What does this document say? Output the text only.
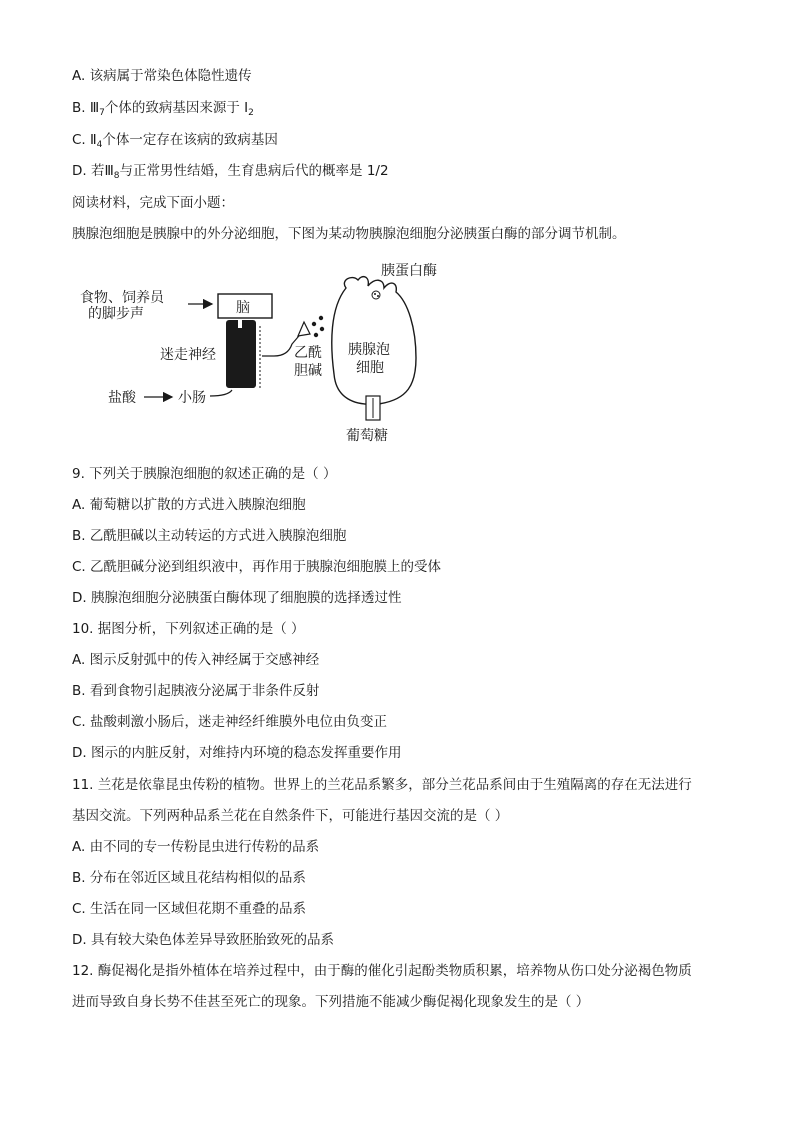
A. 该病属于常染色体隐性遗传
B. $Ⅲ_7$个体的致病基因来源于 $I_2$
C. $Ⅱ_4$个体一定存在该病的致病基因
D. 若$Ⅲ_8$与正常男性结婚，生育患病后代的概率是 1/2
阅读材料，完成下面小题：
胰腺泡细胞是胰腺中的外分泌细胞，下图为某动物胰腺泡细胞分泌胰蛋白酶的部分调节机制。
食物、饲养员
的脚步声	脑
迷走神经
盐酸	小肠
乙酰
胆碱
胰蛋白酶
胰腺泡
细胞
葡萄糖
9. 下列关于胰腺泡细胞的叙述正确的是（ ）
A. 葡萄糖以扩散的方式进入胰腺泡细胞
B. 乙酰胆碱以主动转运的方式进入胰腺泡细胞
C. 乙酰胆碱分泌到组织液中，再作用于胰腺泡细胞膜上的受体
D. 胰腺泡细胞分泌胰蛋白酶体现了细胞膜的选择透过性
10. 据图分析，下列叙述正确的是（ ）
A. 图示反射弧中的传入神经属于交感神经
B. 看到食物引起胰液分泌属于非条件反射
C. 盐酸刺激小肠后，迷走神经纤维膜外电位由负变正
D. 图示的内脏反射，对维持内环境的稳态发挥重要作用
11. 兰花是依靠昆虫传粉的植物。世界上的兰花品系繁多，部分兰花品系间由于生殖隔离的存在无法进行
基因交流。下列两种品系兰花在自然条件下，可能进行基因交流的是（ ）
A. 由不同的专一传粉昆虫进行传粉的品系
B. 分布在邻近区域且花结构相似的品系
C. 生活在同一区域但花期不重叠的品系
D. 具有较大染色体差异导致胚胎致死的品系
12. 酶促褐化是指外植体在培养过程中，由于酶的催化引起酚类物质积累，培养物从伤口处分泌褐色物质
进而导致自身长势不佳甚至死亡的现象。下列措施不能减少酶促褐化现象发生的是（ ）
